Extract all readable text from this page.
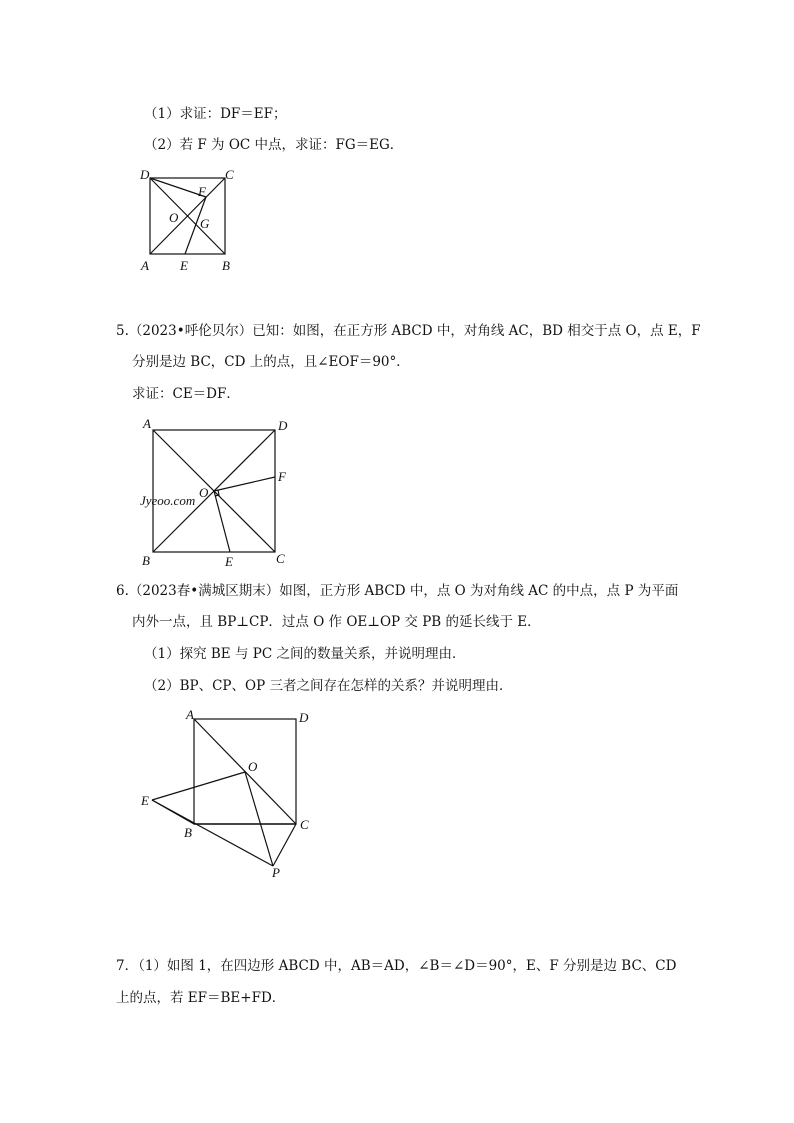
（1）求证：DF＝EF；
（2）若 F 为 OC 中点，求证：FG＝EG．
D	C
F
O G
A E	B
5.（2023•呼伦贝尔）已知：如图，在正方形 ABCD 中，对角线 AC，BD 相交于点 O，点 E，F
分别是边 BC，CD 上的点，且∠EOF＝90°．
求证：CE＝DF．
Jyeoo.com
A	D
F
O
B	E	C
6.（2023春•满城区期末）如图，正方形 ABCD 中，点 O 为对角线 AC 的中点，点 P 为平面
内外一点，且 BP⊥CP．过点 O 作 OE⊥OP 交 PB 的延长线于 E．
（1）探究 BE 与 PC 之间的数量关系，并说明理由．
（2）BP、CP、OP 三者之间存在怎样的关系？并说明理由．
A	D
O
E
B
C
P
7．（1）如图 1，在四边形 ABCD 中，AB＝AD，∠B＝∠D＝90°，E、F 分别是边 BC、CD
上的点，若 EF＝BE+FD．
